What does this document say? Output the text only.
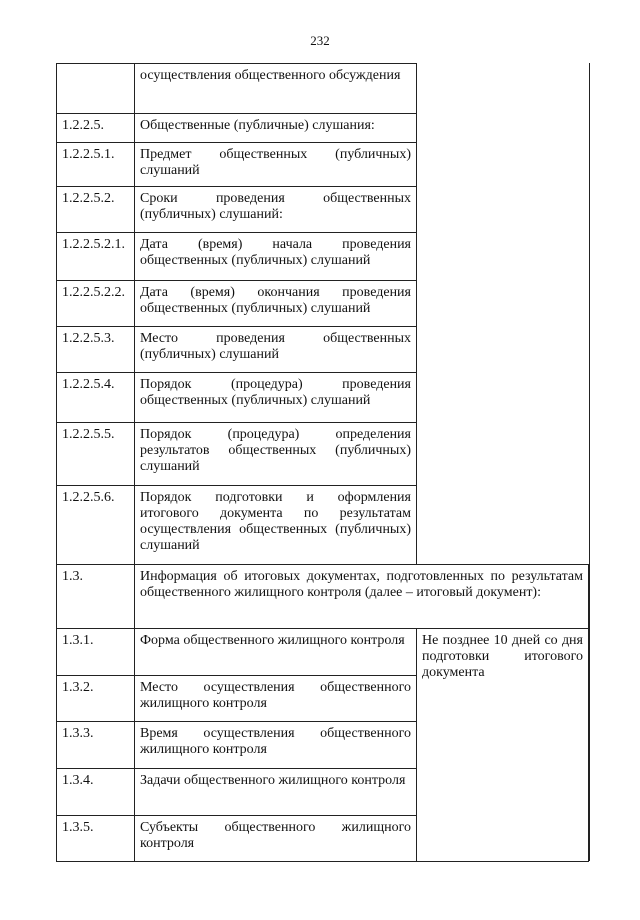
232
	осуществления общественного обсуждения	
1.2.2.5.	Общественные (публичные) слушания:	
1.2.2.5.1.	Предмет общественных (публичных) слушаний	
1.2.2.5.2.	Сроки проведения общественных (публичных) слушаний:	
1.2.2.5.2.1.	Дата (время) начала проведения общественных (публичных) слушаний	
1.2.2.5.2.2.	Дата (время) окончания проведения общественных (публичных) слушаний	
1.2.2.5.3.	Место проведения общественных (публичных) слушаний	
1.2.2.5.4.	Порядок (процедура) проведения общественных (публичных) слушаний	
1.2.2.5.5.	Порядок (процедура) определения результатов общественных (публичных) слушаний	
1.2.2.5.6.	Порядок подготовки и оформления итогового документа по результатам осуществления общественных (публичных) слушаний	
1.3.	Информация об итоговых документах, подготовленных по результатам общественного жилищного контроля (далее – итоговый документ):	
1.3.1.	Форма общественного жилищного контроля	Не позднее 10 дней со дня подготовки итогового документа
1.3.2.	Место осуществления общественного жилищного контроля	
1.3.3.	Время осуществления общественного жилищного контроля	
1.3.4.	Задачи общественного жилищного контроля	
1.3.5.	Субъекты общественного жилищного контроля	
